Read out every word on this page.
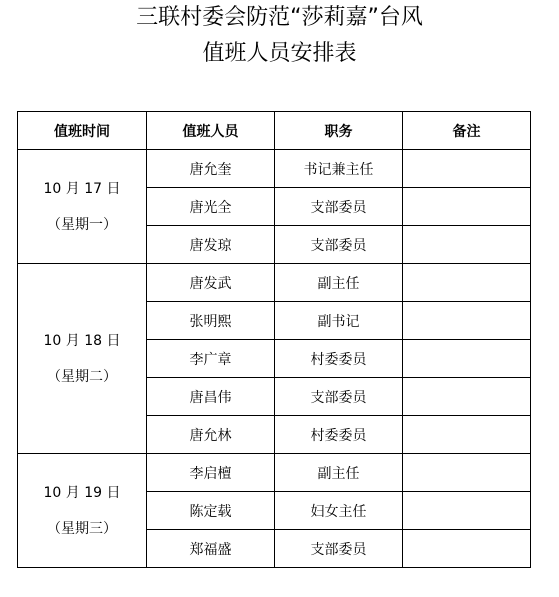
三联村委会防范“莎莉嘉”台风
值班人员安排表
值班时间	值班人员	职务	备注

10 月 17 日
（星期一）	唐允奎	书记兼主任	
	唐光全	支部委员	
	唐发琼	支部委员	

10 月 18 日
（星期二）	唐发武	副主任	
	张明熙	副书记	
	李广章	村委委员	
	唐昌伟	支部委员	
	唐允林	村委委员	

10 月 19 日
（星期三）	李启檀	副主任	
	陈定载	妇女主任	
	郑福盛	支部委员	
